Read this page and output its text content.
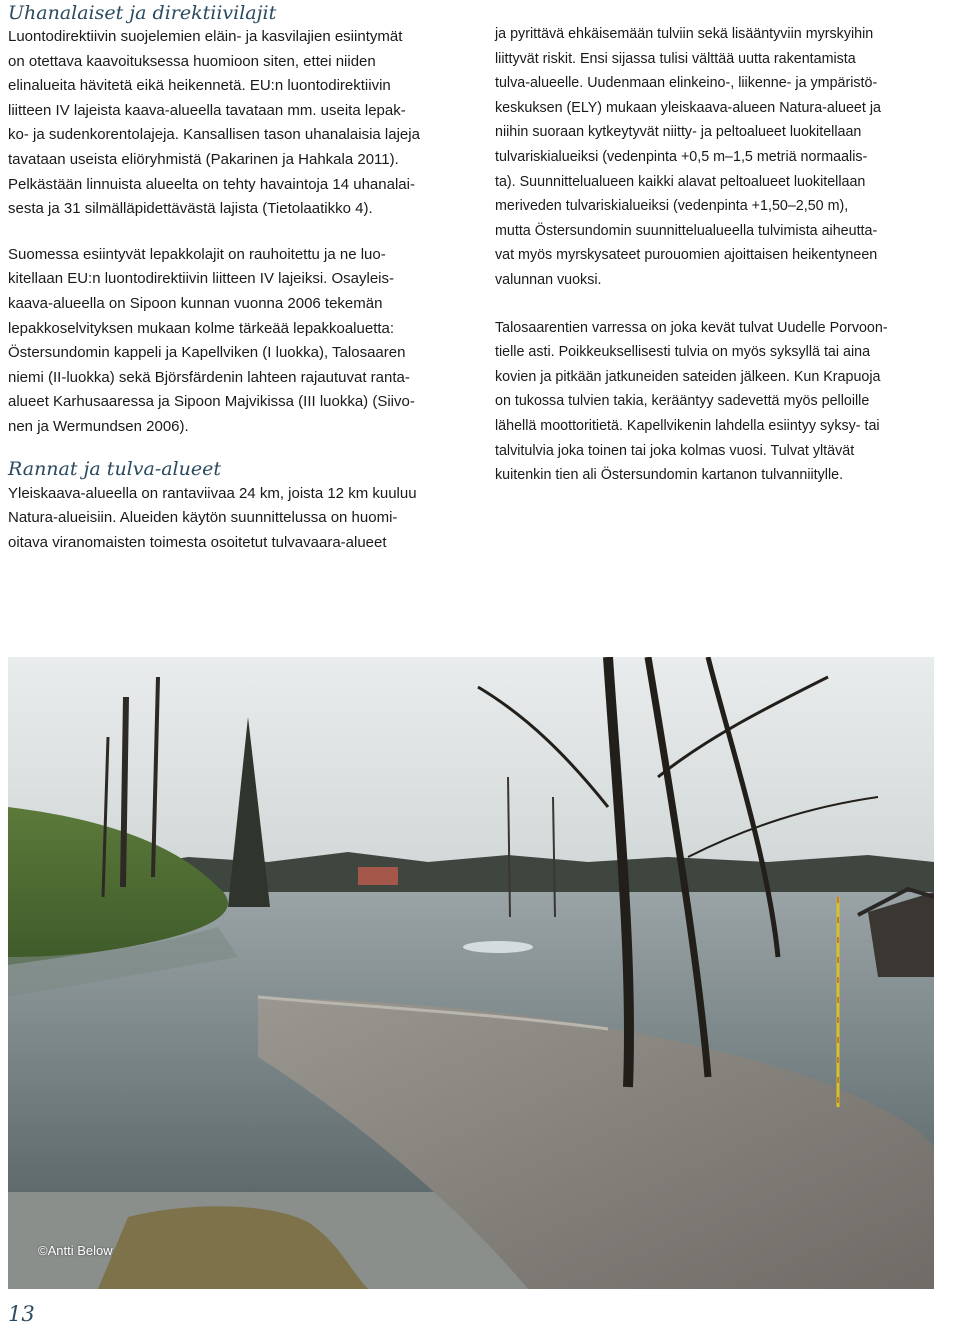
Uhanalaiset ja direktiivilajit

Luontodirektiivin suojelemien eläin- ja kasvilajien esiintymät
on otettava kaavoituksessa huomioon siten, ettei niiden
elinalueita hävitetä eikä heikennetä. EU:n luontodirektiivin
liitteen IV lajeista kaava-alueella tavataan mm. useita lepak-
ko- ja sudenkorentolajeja. Kansallisen tason uhanalaisia lajeja
tavataan useista eliöryhmistä (Pakarinen ja Hahkala 2011).
Pelkästään linnuista alueelta on tehty havaintoja 14 uhanalai-
sesta ja 31 silmälläpidettävästä lajista (Tietolaatikko 4).

Suomessa esiintyvät lepakkolajit on rauhoitettu ja ne luo-
kitellaan EU:n luontodirektiivin liitteen IV lajeiksi. Osayleis-
kaava-alueella on Sipoon kunnan vuonna 2006 tekemän
lepakkoselvityksen mukaan kolme tärkeää lepakkoaluetta:
Östersundomin kappeli ja Kapellviken (I luokka), Talosaaren
niemi (II-luokka) sekä Björsfärdenin lahteen rajautuvat ranta-
alueet Karhusaaressa ja Sipoon Majvikissa (III luokka) (Siivo-
nen ja Wermundsen 2006).

Rannat ja tulva-alueet

Yleiskaava-alueella on rantaviivaa 24 km, joista 12 km kuuluu
Natura-alueisiin. Alueiden käytön suunnittelussa on huomi-
oitava viranomaisten toimesta osoitetut tulvavaara-alueet

ja pyrittävä ehkäisemään tulviin sekä lisääntyviin myrskyihin
liittyvät riskit. Ensi sijassa tulisi välttää uutta rakentamista
tulva-alueelle. Uudenmaan elinkeino-, liikenne- ja ympäristö-
keskuksen (ELY) mukaan yleiskaava-alueen Natura-alueet ja
niihin suoraan kytkeytyvät niitty- ja peltoalueet luokitellaan
tulvariskialueiksi (vedenpinta +0,5 m–1,5 metriä normaalis-
ta). Suunnittelualueen kaikki alavat peltoalueet luokitellaan
meriveden tulvariskialueiksi (vedenpinta +1,50–2,50 m),
mutta Östersundomin suunnittelualueella tulvimista aiheutta-
vat myös myrskysateet purouomien ajoittaisen heikentyneen
valunnan vuoksi.

Talosaarentien varressa on joka kevät tulvat Uudelle Porvoon-
tielle asti. Poikkeuksellisesti tulvia on myös syksyllä tai aina
kovien ja pitkään jatkuneiden sateiden jälkeen. Kun Krapuoja
on tukossa tulvien takia, kerääntyy sadevettä myös pelloille
lähellä moottoritietä. Kapellvikenin lahdella esiintyy syksy- tai
talvitulvia joka toinen tai joka kolmas vuosi. Tulvat yltävät
kuitenkin tien ali Östersundomin kartanon tulvanniitylle.

©Antti Below
13
